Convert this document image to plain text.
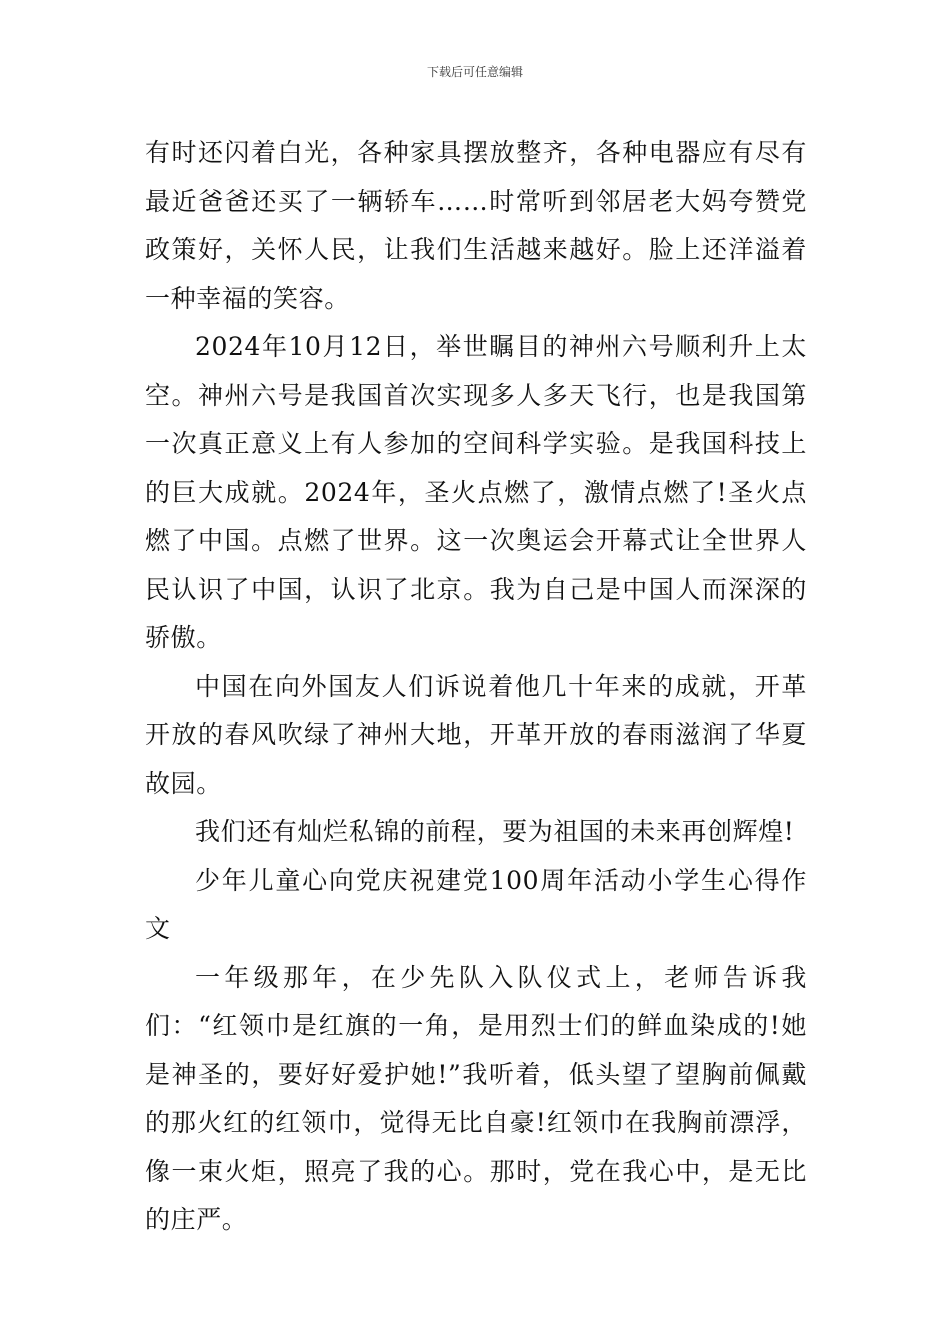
下载后可任意编辑

有时还闪着白光，各种家具摆放整齐，各种电器应有尽有最近爸爸还买了一辆轿车……时常听到邻居老大妈夸赞党政策好，关怀人民，让我们生活越来越好。脸上还洋溢着一种幸福的笑容。

2024年10月12日，举世瞩目的神州六号顺利升上太空。神州六号是我国首次实现多人多天飞行，也是我国第一次真正意义上有人参加的空间科学实验。是我国科技上的巨大成就。2024年，圣火点燃了，激情点燃了!圣火点燃了中国。点燃了世界。这一次奥运会开幕式让全世界人民认识了中国，认识了北京。我为自己是中国人而深深的骄傲。

中国在向外国友人们诉说着他几十年来的成就，开革开放的春风吹绿了神州大地，开革开放的春雨滋润了华夏故园。

我们还有灿烂私锦的前程，要为祖国的未来再创辉煌!

少年儿童心向党庆祝建党100周年活动小学生心得作文

一年级那年，在少先队入队仪式上，老师告诉我们：“红领巾是红旗的一角，是用烈士们的鲜血染成的!她是神圣的，要好好爱护她!”我听着，低头望了望胸前佩戴的那火红的红领巾，觉得无比自豪!红领巾在我胸前漂浮，像一束火炬，照亮了我的心。那时，党在我心中，是无比的庄严。
